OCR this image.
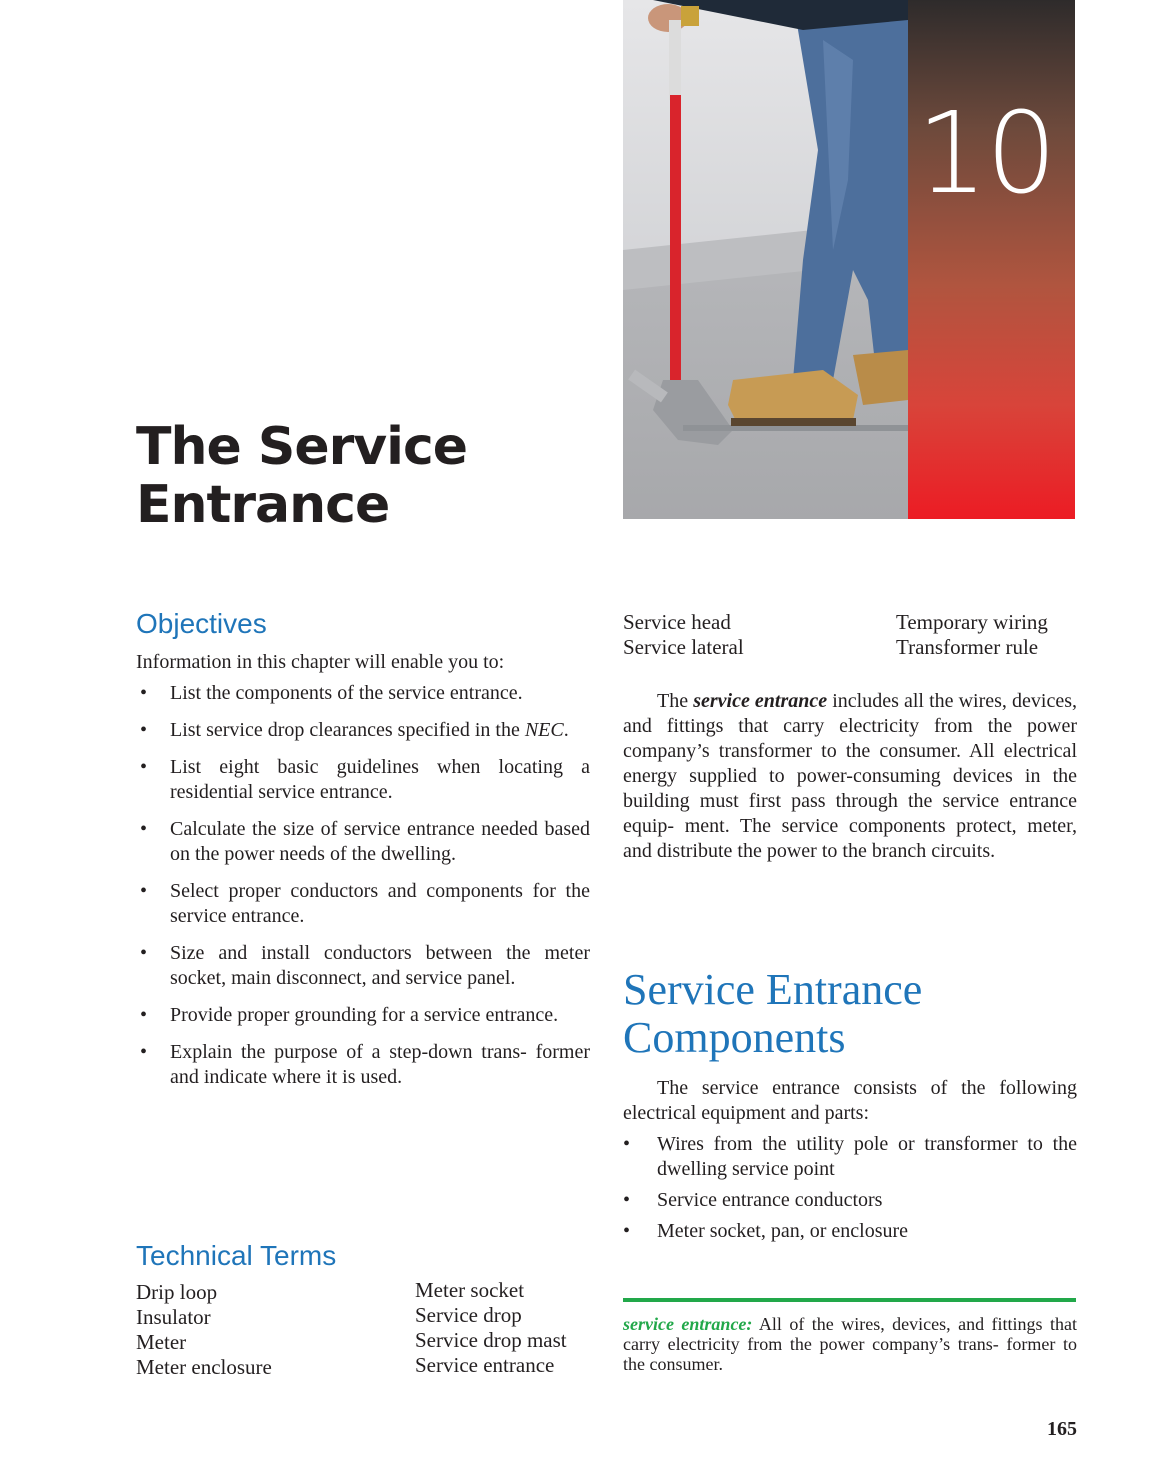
10
The Service
Entrance
Objectives
Information in this chapter will enable you to:
• List the components of the service entrance.
• List service drop clearances specified in the NEC.
• List eight basic guidelines when locating a residential service entrance.
• Calculate the size of service entrance needed based on the power needs of the dwelling.
• Select proper conductors and components for the service entrance.
• Size and install conductors between the meter socket, main disconnect, and service panel.
• Provide proper grounding for a service entrance.
• Explain the purpose of a step-down trans- former and indicate where it is used.
Technical Terms
Drip loop
Insulator
Meter
Meter enclosure
Meter socket
Service drop
Service drop mast
Service entrance
Service head
Service lateral
Temporary wiring
Transformer rule
The service entrance includes all the wires, devices, and fittings that carry electricity from the power company’s transformer to the consumer. All electrical energy supplied to power-consuming devices in the building must first pass through the service entrance equip- ment. The service components protect, meter, and distribute the power to the branch circuits.
Service Entrance Components
The service entrance consists of the following electrical equipment and parts:
• Wires from the utility pole or transformer to the dwelling service point
• Service entrance conductors
• Meter socket, pan, or enclosure
service entrance: All of the wires, devices, and fittings that carry electricity from the power company’s trans- former to the consumer.
165
